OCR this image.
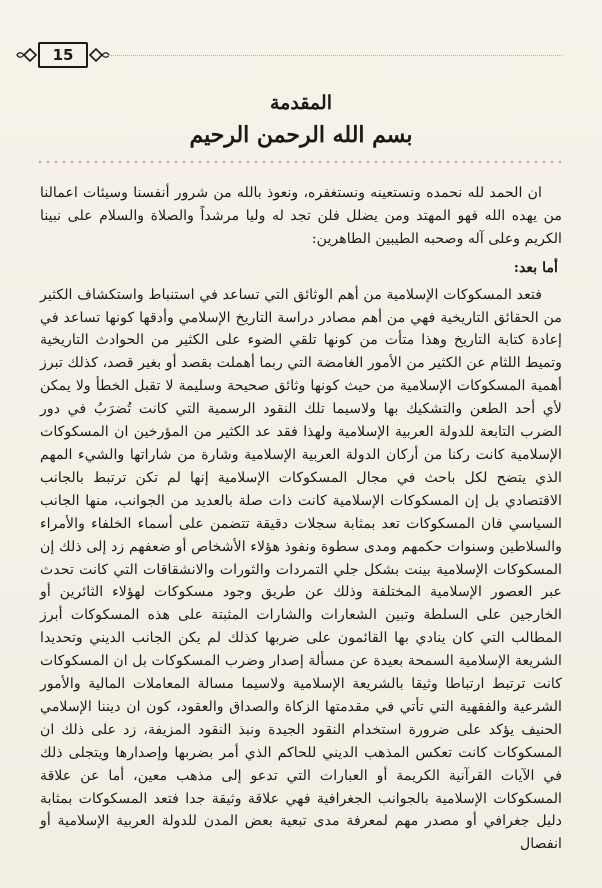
15
المقدمة
بسم الله الرحمن الرحيم

ان الحمد لله نحمده ونستعينه ونستغفره، ونعوذ بالله من شرور أنفسنا وسيئات اعمالنا من يهده الله فهو المهتد ومن يضلل فلن تجد له وليا مرشداً والصلاة والسلام على نبينا الكريم وعلى آله وصحبه الطيبين الطاهرين:

أما بعد:

فتعد المسكوكات الإسلامية من أهم الوثائق التي تساعد في استنباط واستكشاف الكثير من الحقائق التاريخية فهي من أهم مصادر دراسة التاريخ الإسلامي وأدقها كونها تساعد في إعادة كتابة التاريخ وهذا متأت من كونها تلقي الضوء على الكثير من الحوادث التاريخية وتميط اللثام عن الكثير من الأمور الغامضة التي ربما أهملت بقصد أو بغير قصد، كذلك تبرز أهمية المسكوكات الإسلامية من حيث كونها وثائق صحيحة وسليمة لا تقبل الخطأ ولا يمكن لأي أحد الطعن والتشكيك بها ولاسيما تلك النقود الرسمية التي كانت تُضرَبُ في دور الضرب التابعة للدولة العربية الإسلامية ولهذا فقد عد الكثير من المؤرخين ان المسكوكات الإسلامية كانت ركنا من أركان الدولة العربية الإسلامية وشارة من شاراتها والشيء المهم الذي يتضح لكل باحث في مجال المسكوكات الإسلامية إنها لم تكن ترتبط بالجانب الاقتصادي بل إن المسكوكات الإسلامية كانت ذات صلة بالعديد من الجوانب، منها الجانب السياسي فان المسكوكات تعد بمثابة سجلات دقيقة تتضمن على أسماء الخلفاء والأمراء والسلاطين وسنوات حكمهم ومدى سطوة ونفوذ هؤلاء الأشخاص أو ضعفهم زد إلى ذلك إن المسكوكات الإسلامية بينت بشكل جلي التمردات والثورات والانشقاقات التي كانت تحدث عبر العصور الإسلامية المختلفة وذلك عن طريق وجود مسكوكات لهؤلاء الثائرين أو الخارجين على السلطة وتبين الشعارات والشارات المثبتة على هذه المسكوكات أبرز المطالب التي كان ينادي بها القائمون على ضربها كذلك لم يكن الجانب الديني وتحديدا الشريعة الإسلامية السمحة بعيدة عن مسألة إصدار وضرب المسكوكات بل ان المسكوكات كانت ترتبط ارتباطا وثيقا بالشريعة الإسلامية ولاسيما مسالة المعاملات المالية والأمور الشرعية والفقهية التي تأتي في مقدمتها الزكاة والصداق والعقود، كون ان ديننا الإسلامي الحنيف يؤكد على ضرورة استخدام النقود الجيدة ونبذ النقود المزيفة، زد على ذلك ان المسكوكات كانت تعكس المذهب الديني للحاكم الذي أمر بضربها وإصدارها ويتجلى ذلك في الآيات القرآنية الكريمة أو العبارات التي تدعو إلى مذهب معين، أما عن علاقة المسكوكات الإسلامية بالجوانب الجغرافية فهي علاقة وثيقة جدا فتعد المسكوكات بمثابة دليل جغرافي أو مصدر مهم لمعرفة مدى تبعية بعض المدن للدولة العربية الإسلامية أو انفصال
